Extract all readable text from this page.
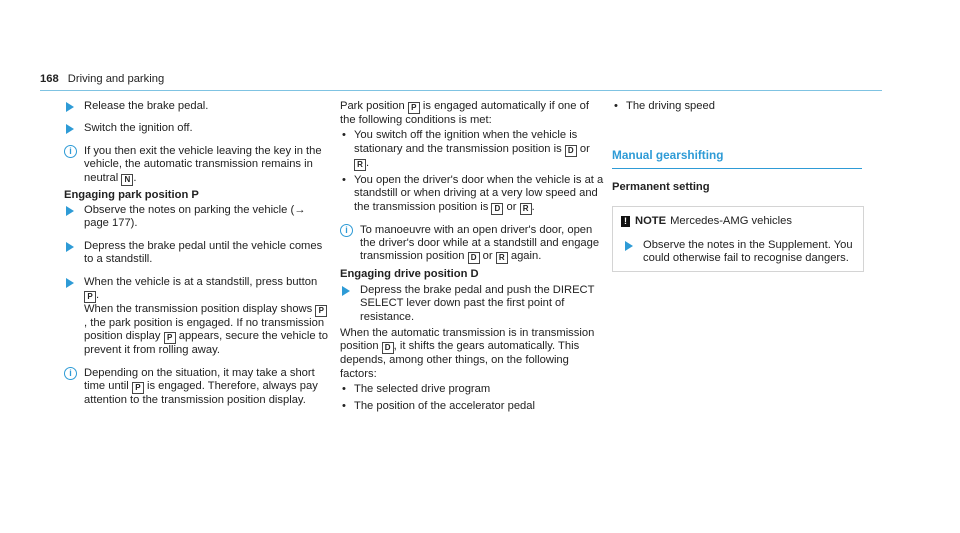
168 Driving and parking

Release the brake pedal.

Switch the ignition off.

i	If you then exit the vehicle leaving the key in the vehicle, the automatic transmission remains in neutral N .

Engaging park position P

Observe the notes on parking the vehicle (→ page 177).

Depress the brake pedal until the vehicle comes to a standstill.

When the vehicle is at a standstill, press button P .
When the transmission position display shows P, the park position is engaged. If no transmission position display P appears, secure the vehicle to prevent it from rolling away.

i	Depending on the situation, it may take a short time until P is engaged. Therefore, always pay attention to the transmission position display.

Park position P is engaged automatically if one of the following conditions is met:

• You switch off the ignition when the vehicle is stationary and the transmission position is D or R .

• You open the driver's door when the vehicle is at a standstill or when driving at a very low speed and the transmission position is D or R .

i	To manoeuvre with an open driver's door, open the driver's door while at a standstill and engage transmission position D or R again.

Engaging drive position D

Depress the brake pedal and push the DIRECT SELECT lever down past the first point of resistance.

When the automatic transmission is in transmission position D , it shifts the gears automatically. This depends, among other things, on the following factors:

• The selected drive program

• The position of the accelerator pedal

• The driving speed

Manual gearshifting
Permanent setting
! NOTE Mercedes-AMG vehicles

Observe the notes in the Supplement. You could otherwise fail to recognise dangers.
